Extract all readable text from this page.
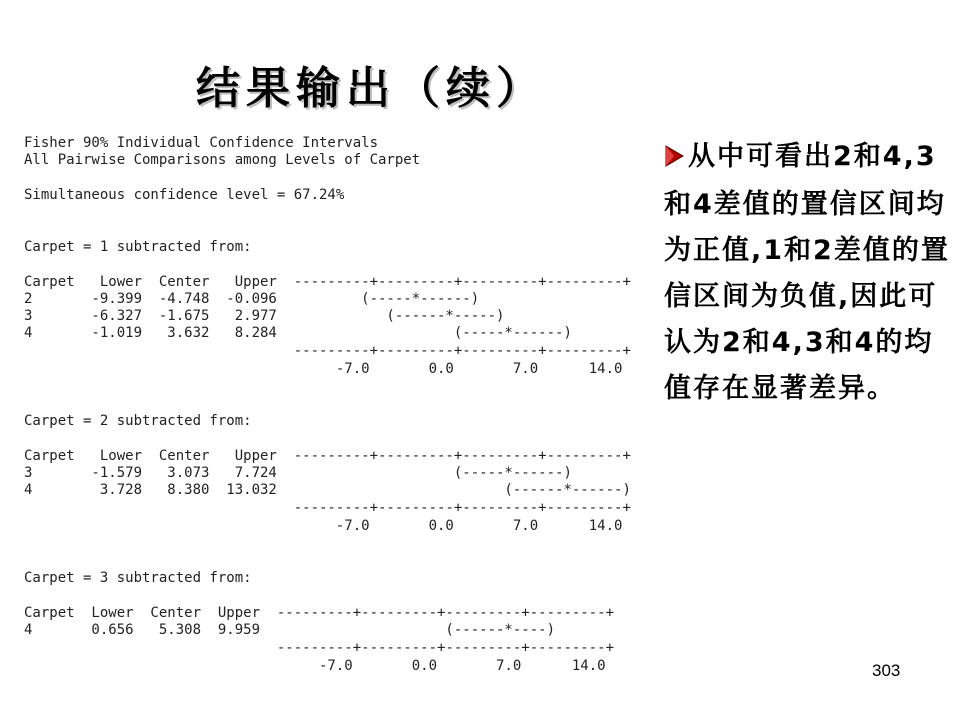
结果输出（续）
Fisher 90% Individual Confidence Intervals
All Pairwise Comparisons among Levels of Carpet
Simultaneous confidence level = 67.24%
Carpet = 1 subtracted from:
Carpet   Lower  Center   Upper  ---------+---------+---------+---------+
2       -9.399  -4.748  -0.096          (-----*------)
3       -6.327  -1.675   2.977             (------*-----)
4       -1.019   3.632   8.284                     (-----*------)
---------+---------+---------+---------+
-7.0       0.0       7.0      14.0
Carpet = 2 subtracted from:
Carpet   Lower  Center   Upper  ---------+---------+---------+---------+
3       -1.579   3.073   7.724                     (-----*------)
4        3.728   8.380  13.032                           (------*------)
---------+---------+---------+---------+
-7.0       0.0       7.0      14.0
Carpet = 3 subtracted from:
Carpet  Lower  Center  Upper  ---------+---------+---------+---------+
4       0.656   5.308  9.959                      (------*----)
---------+---------+---------+---------+
-7.0       0.0       7.0      14.0
从中可看出2和4,3和4差值的置信区间均为正值,1和2差值的置信区间为负值,因此可认为2和4,3和4的均值存在显著差异。
303
